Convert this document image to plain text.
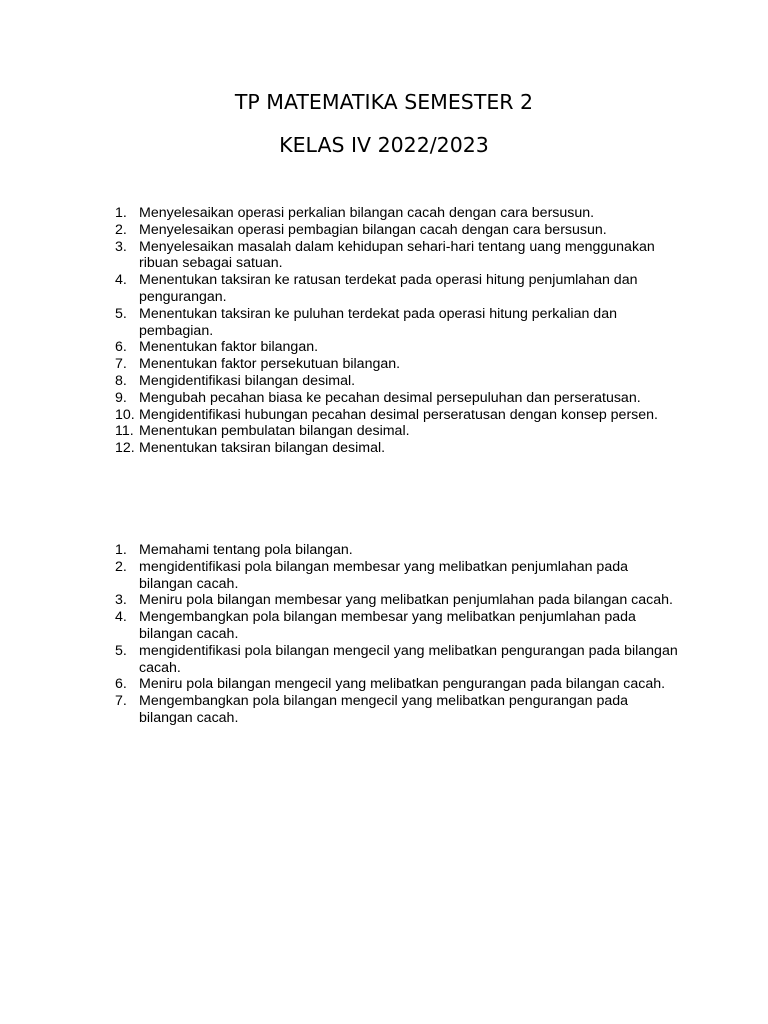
TP MATEMATIKA SEMESTER 2
KELAS IV 2022/2023
1. Menyelesaikan operasi perkalian bilangan cacah dengan cara bersusun.
2. Menyelesaikan operasi pembagian bilangan cacah dengan cara bersusun.
3. Menyelesaikan masalah dalam kehidupan sehari-hari tentang uang menggunakan ribuan sebagai satuan.
4. Menentukan taksiran ke ratusan terdekat pada operasi hitung penjumlahan dan pengurangan.
5. Menentukan taksiran ke puluhan terdekat pada operasi hitung perkalian dan pembagian.
6. Menentukan faktor bilangan.
7. Menentukan faktor persekutuan bilangan.
8. Mengidentifikasi bilangan desimal.
9. Mengubah pecahan biasa ke pecahan desimal persepuluhan dan perseratusan.
10. Mengidentifikasi hubungan pecahan desimal perseratusan dengan konsep persen.
11. Menentukan pembulatan bilangan desimal.
12. Menentukan taksiran bilangan desimal.
1. Memahami tentang pola bilangan.
2. mengidentifikasi pola bilangan membesar yang melibatkan penjumlahan pada bilangan cacah.
3. Meniru pola bilangan membesar yang melibatkan penjumlahan pada bilangan cacah.
4. Mengembangkan pola bilangan membesar yang melibatkan penjumlahan pada bilangan cacah.
5. mengidentifikasi pola bilangan mengecil yang melibatkan pengurangan pada bilangan cacah.
6. Meniru pola bilangan mengecil yang melibatkan pengurangan pada bilangan cacah.
7. Mengembangkan pola bilangan mengecil yang melibatkan pengurangan pada bilangan cacah.
